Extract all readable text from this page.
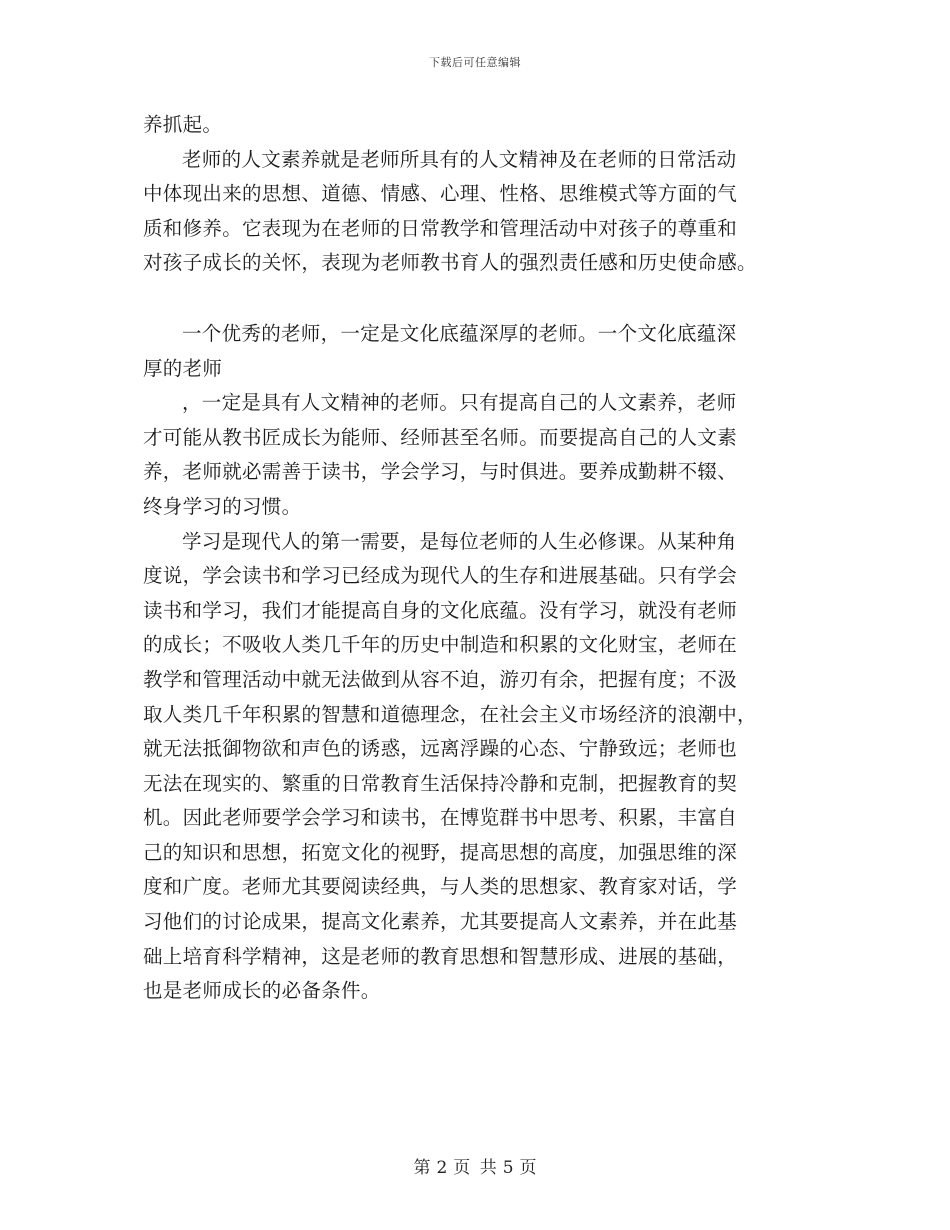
下载后可任意编辑
养抓起。
老师的人文素养就是老师所具有的人文精神及在老师的日常活动
中体现出来的思想、道德、情感、心理、性格、思维模式等方面的气
质和修养。它表现为在老师的日常教学和管理活动中对孩子的尊重和
对孩子成长的关怀，表现为老师教书育人的强烈责任感和历史使命感。
一个优秀的老师，一定是文化底蕴深厚的老师。一个文化底蕴深
厚的老师
，一定是具有人文精神的老师。只有提高自己的人文素养，老师
才可能从教书匠成长为能师、经师甚至名师。而要提高自己的人文素
养，老师就必需善于读书，学会学习，与时俱进。要养成勤耕不辍、
终身学习的习惯。
学习是现代人的第一需要，是每位老师的人生必修课。从某种角
度说，学会读书和学习已经成为现代人的生存和进展基础。只有学会
读书和学习，我们才能提高自身的文化底蕴。没有学习，就没有老师
的成长；不吸收人类几千年的历史中制造和积累的文化财宝，老师在
教学和管理活动中就无法做到从容不迫，游刃有余，把握有度；不汲
取人类几千年积累的智慧和道德理念，在社会主义市场经济的浪潮中，
就无法抵御物欲和声色的诱惑，远离浮躁的心态、宁静致远；老师也
无法在现实的、繁重的日常教育生活保持冷静和克制，把握教育的契
机。因此老师要学会学习和读书，在博览群书中思考、积累，丰富自
己的知识和思想，拓宽文化的视野，提高思想的高度，加强思维的深
度和广度。老师尤其要阅读经典，与人类的思想家、教育家对话，学
习他们的讨论成果，提高文化素养，尤其要提高人文素养，并在此基
础上培育科学精神，这是老师的教育思想和智慧形成、进展的基础，
也是老师成长的必备条件。
第 2 页 共 5 页
